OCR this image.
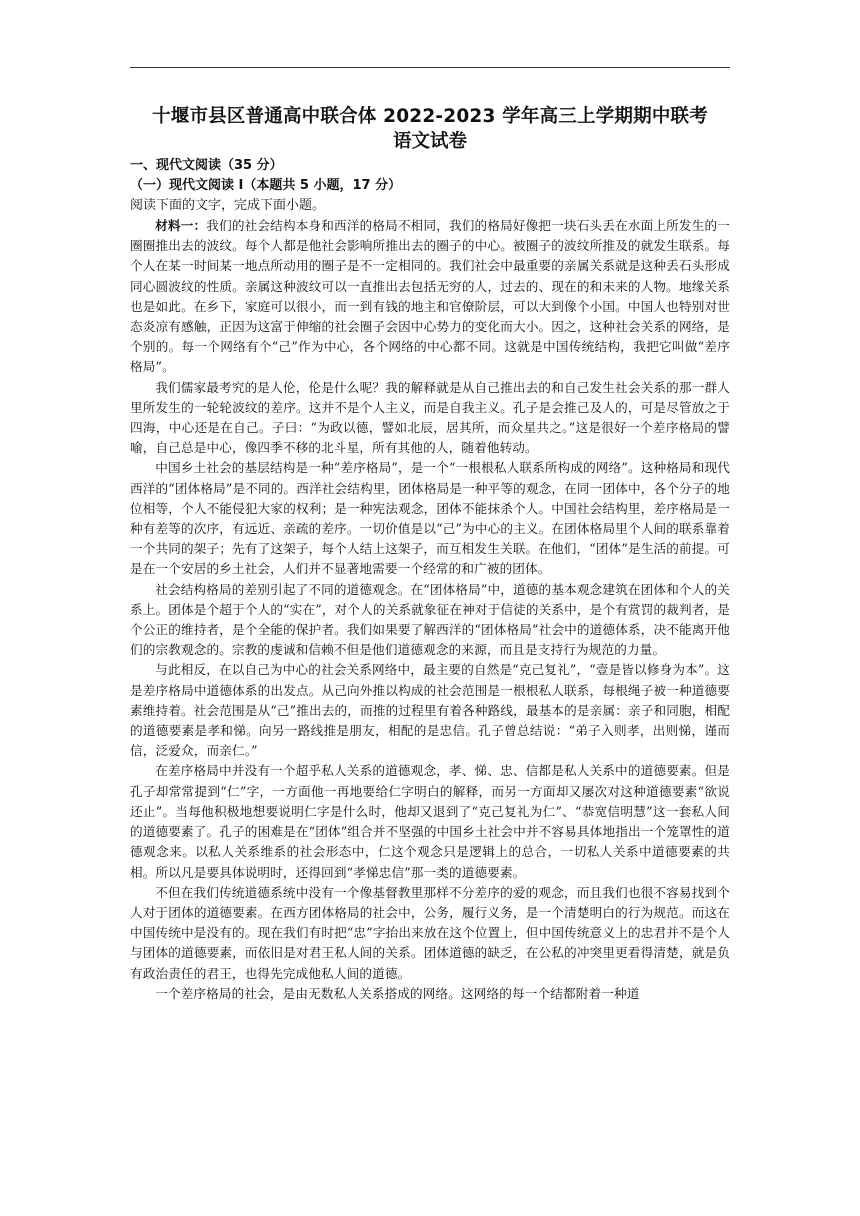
十堰市县区普通高中联合体 2022-2023 学年高三上学期期中联考
语文试卷

一、现代文阅读（35 分）

（一）现代文阅读 I（本题共 5 小题，17 分）

阅读下面的文字，完成下面小题。

材料一：我们的社会结构本身和西洋的格局不相同，我们的格局好像把一块石头丢在水面上所发生的一圈圈推出去的波纹。每个人都是他社会影响所推出去的圈子的中心。被圈子的波纹所推及的就发生联系。每个人在某一时间某一地点所动用的圈子是不一定相同的。我们社会中最重要的亲属关系就是这种丢石头形成同心圆波纹的性质。亲属这种波纹可以一直推出去包括无穷的人，过去的、现在的和未来的人物。地缘关系也是如此。在乡下，家庭可以很小，而一到有钱的地主和官僚阶层，可以大到像个小国。中国人也特别对世态炎凉有感触，正因为这富于伸缩的社会圈子会因中心势力的变化而大小。因之，这种社会关系的网络，是个别的。每一个网络有个“己”作为中心，各个网络的中心都不同。这就是中国传统结构，我把它叫做“差序格局”。

我们儒家最考究的是人伦，伦是什么呢？我的解释就是从自己推出去的和自己发生社会关系的那一群人里所发生的一轮轮波纹的差序。这并不是个人主义，而是自我主义。孔子是会推己及人的，可是尽管放之于四海，中心还是在自己。子曰：“为政以德，譬如北辰，居其所，而众星共之。”这是很好一个差序格局的譬喻，自己总是中心，像四季不移的北斗星，所有其他的人，随着他转动。

中国乡土社会的基层结构是一种“差序格局”，是一个“一根根私人联系所构成的网络”。这种格局和现代西洋的“团体格局”是不同的。西洋社会结构里，团体格局是一种平等的观念，在同一团体中，各个分子的地位相等，个人不能侵犯大家的权利；是一种宪法观念，团体不能抹杀个人。中国社会结构里，差序格局是一种有差等的次序，有远近、亲疏的差序。一切价值是以“己”为中心的主义。在团体格局里个人间的联系靠着一个共同的架子；先有了这架子，每个人结上这架子，而互相发生关联。在他们，“团体”是生活的前提。可是在一个安居的乡土社会，人们并不显著地需要一个经常的和广被的团体。

社会结构格局的差别引起了不同的道德观念。在“团体格局”中，道德的基本观念建筑在团体和个人的关系上。团体是个超于个人的“实在”，对个人的关系就象征在神对于信徒的关系中，是个有赏罚的裁判者，是个公正的维持者，是个全能的保护者。我们如果要了解西洋的“团体格局”社会中的道德体系，决不能离开他们的宗教观念的。宗教的虔诚和信赖不但是他们道德观念的来源，而且是支持行为规范的力量。

与此相反，在以自己为中心的社会关系网络中，最主要的自然是“克己复礼”，“壹是皆以修身为本”。这是差序格局中道德体系的出发点。从己向外推以构成的社会范围是一根根私人联系，每根绳子被一种道德要素维持着。社会范围是从“己”推出去的，而推的过程里有着各种路线，最基本的是亲属：亲子和同胞，相配的道德要素是孝和悌。向另一路线推是朋友，相配的是忠信。孔子曾总结说：“弟子入则孝，出则悌，谨而信，泛爱众，而亲仁。”

在差序格局中并没有一个超乎私人关系的道德观念，孝、悌、忠、信都是私人关系中的道德要素。但是孔子却常常提到“仁”字，一方面他一再地要给仁字明白的解释，而另一方面却又屡次对这种道德要素“欲说还止”。当每他积极地想要说明仁字是什么时，他却又退到了“克己复礼为仁”、“恭宽信明慧”这一套私人间的道德要素了。孔子的困难是在“团体”组合并不坚强的中国乡土社会中并不容易具体地指出一个笼罩性的道德观念来。以私人关系维系的社会形态中，仁这个观念只是逻辑上的总合，一切私人关系中道德要素的共相。所以凡是要具体说明时，还得回到“孝悌忠信”那一类的道德要素。

不但在我们传统道德系统中没有一个像基督教里那样不分差序的爱的观念，而且我们也很不容易找到个人对于团体的道德要素。在西方团体格局的社会中，公务，履行义务，是一个清楚明白的行为规范。而这在中国传统中是没有的。现在我们有时把“忠”字抬出来放在这个位置上，但中国传统意义上的忠君并不是个人与团体的道德要素，而依旧是对君王私人间的关系。团体道德的缺乏，在公私的冲突里更看得清楚，就是负有政治责任的君王，也得先完成他私人间的道德。

一个差序格局的社会，是由无数私人关系搭成的网络。这网络的每一个结都附着一种道
